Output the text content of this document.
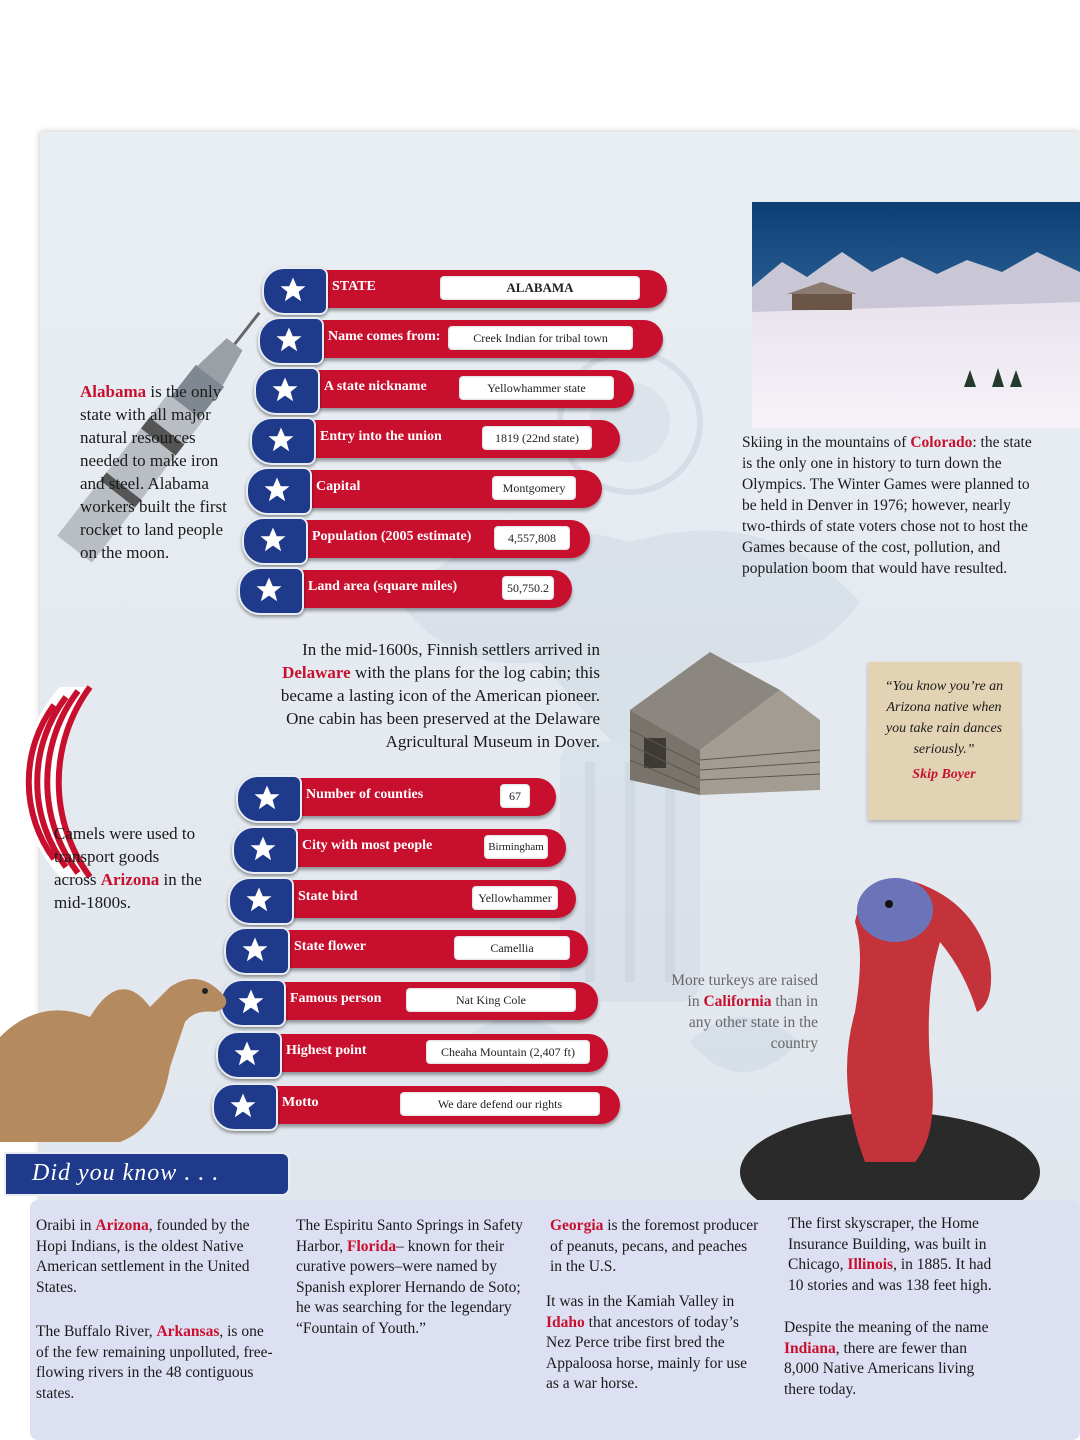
Alabama is the only state with all major natural resources needed to make iron and steel. Alabama workers built the first rocket to land people on the moon.

STATE	ALABAMA
Name comes from:	Creek Indian for tribal town
A state nickname	Yellowhammer state
Entry into the union	1819 (22nd state)
Capital	Montgomery
Population (2005 estimate)	4,557,808
Land area (square miles)	50,750.2

Skiing in the mountains of Colorado: the state is the only one in history to turn down the Olympics. The Winter Games were planned to be held in Denver in 1976; however, nearly two-thirds of state voters chose not to host the Games because of the cost, pollution, and population boom that would have resulted.

In the mid-1600s, Finnish settlers arrived in Delaware with the plans for the log cabin; this became a lasting icon of the American pioneer. One cabin has been preserved at the Delaware Agricultural Museum in Dover.

“You know you’re an Arizona native when you take rain dances seriously.”
Skip Boyer
Number of counties	67
City with most people	Birmingham
State bird	Yellowhammer
State flower	Camellia
Famous person	Nat King Cole
Highest point	Cheaha Mountain (2,407 ft)
Motto	We dare defend our rights

Camels were used to transport goods across Arizona in the mid-1800s.

More turkeys are raised in California than in any other state in the country

Did you know . . .

Oraibi in Arizona, founded by the Hopi Indians, is the oldest Native American settlement in the United States.

The Buffalo River, Arkansas, is one of the few remaining unpolluted, free-flowing rivers in the 48 contiguous states.

The Espiritu Santo Springs in Safety Harbor, Florida– known for their curative powers–were named by Spanish explorer Hernando de Soto; he was searching for the legendary “Fountain of Youth.”

Georgia is the foremost producer of peanuts, pecans, and peaches in the U.S.

It was in the Kamiah Valley in Idaho that ancestors of today’s Nez Perce tribe first bred the Appaloosa horse, mainly for use as a war horse.

The first skyscraper, the Home Insurance Building, was built in Chicago, Illinois, in 1885. It had 10 stories and was 138 feet high.

Despite the meaning of the name Indiana, there are fewer than 8,000 Native Americans living there today.
